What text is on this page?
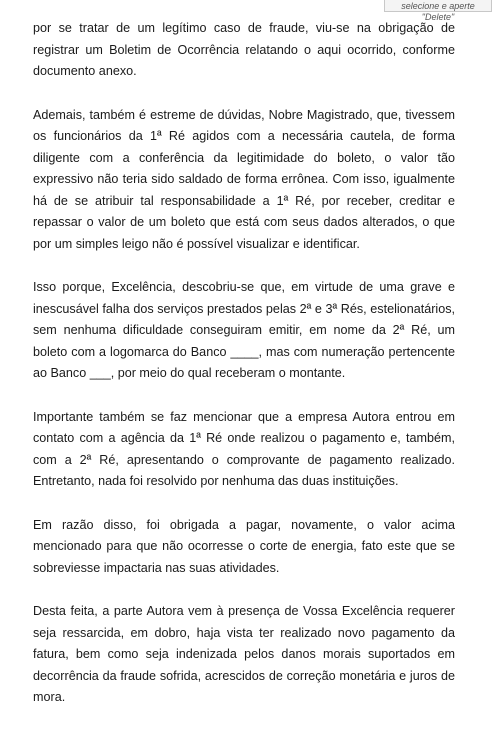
selecione e aperte "Delete"

por se tratar de um legítimo caso de fraude, viu-se na obrigação de registrar um Boletim de Ocorrência relatando o aqui ocorrido, conforme documento anexo.

Ademais, também é estreme de dúvidas, Nobre Magistrado, que, tivessem os funcionários da 1ª Ré agidos com a necessária cautela, de forma diligente com a conferência da legitimidade do boleto, o valor tão expressivo não teria sido saldado de forma errônea. Com isso, igualmente há de se atribuir tal responsabilidade a 1ª Ré, por receber, creditar e repassar o valor de um boleto que está com seus dados alterados, o que por um simples leigo não é possível visualizar e identificar.

Isso porque, Excelência, descobriu-se que, em virtude de uma grave e inescusável falha dos serviços prestados pelas 2ª e 3ª Rés, estelionatários, sem nenhuma dificuldade conseguiram emitir, em nome da 2ª Ré, um boleto com a logomarca do Banco ____, mas com numeração pertencente ao Banco ___, por meio do qual receberam o montante.

Importante também se faz mencionar que a empresa Autora entrou em contato com a agência da 1ª Ré onde realizou o pagamento e, também, com a 2ª Ré, apresentando o comprovante de pagamento realizado. Entretanto, nada foi resolvido por nenhuma das duas instituições.

Em razão disso, foi obrigada a pagar, novamente, o valor acima mencionado para que não ocorresse o corte de energia, fato este que se sobreviesse impactaria nas suas atividades.

Desta feita, a parte Autora vem à presença de Vossa Excelência requerer seja ressarcida, em dobro, haja vista ter realizado novo pagamento da fatura, bem como seja indenizada pelos danos morais suportados em decorrência da fraude sofrida, acrescidos de correção monetária e juros de mora.
